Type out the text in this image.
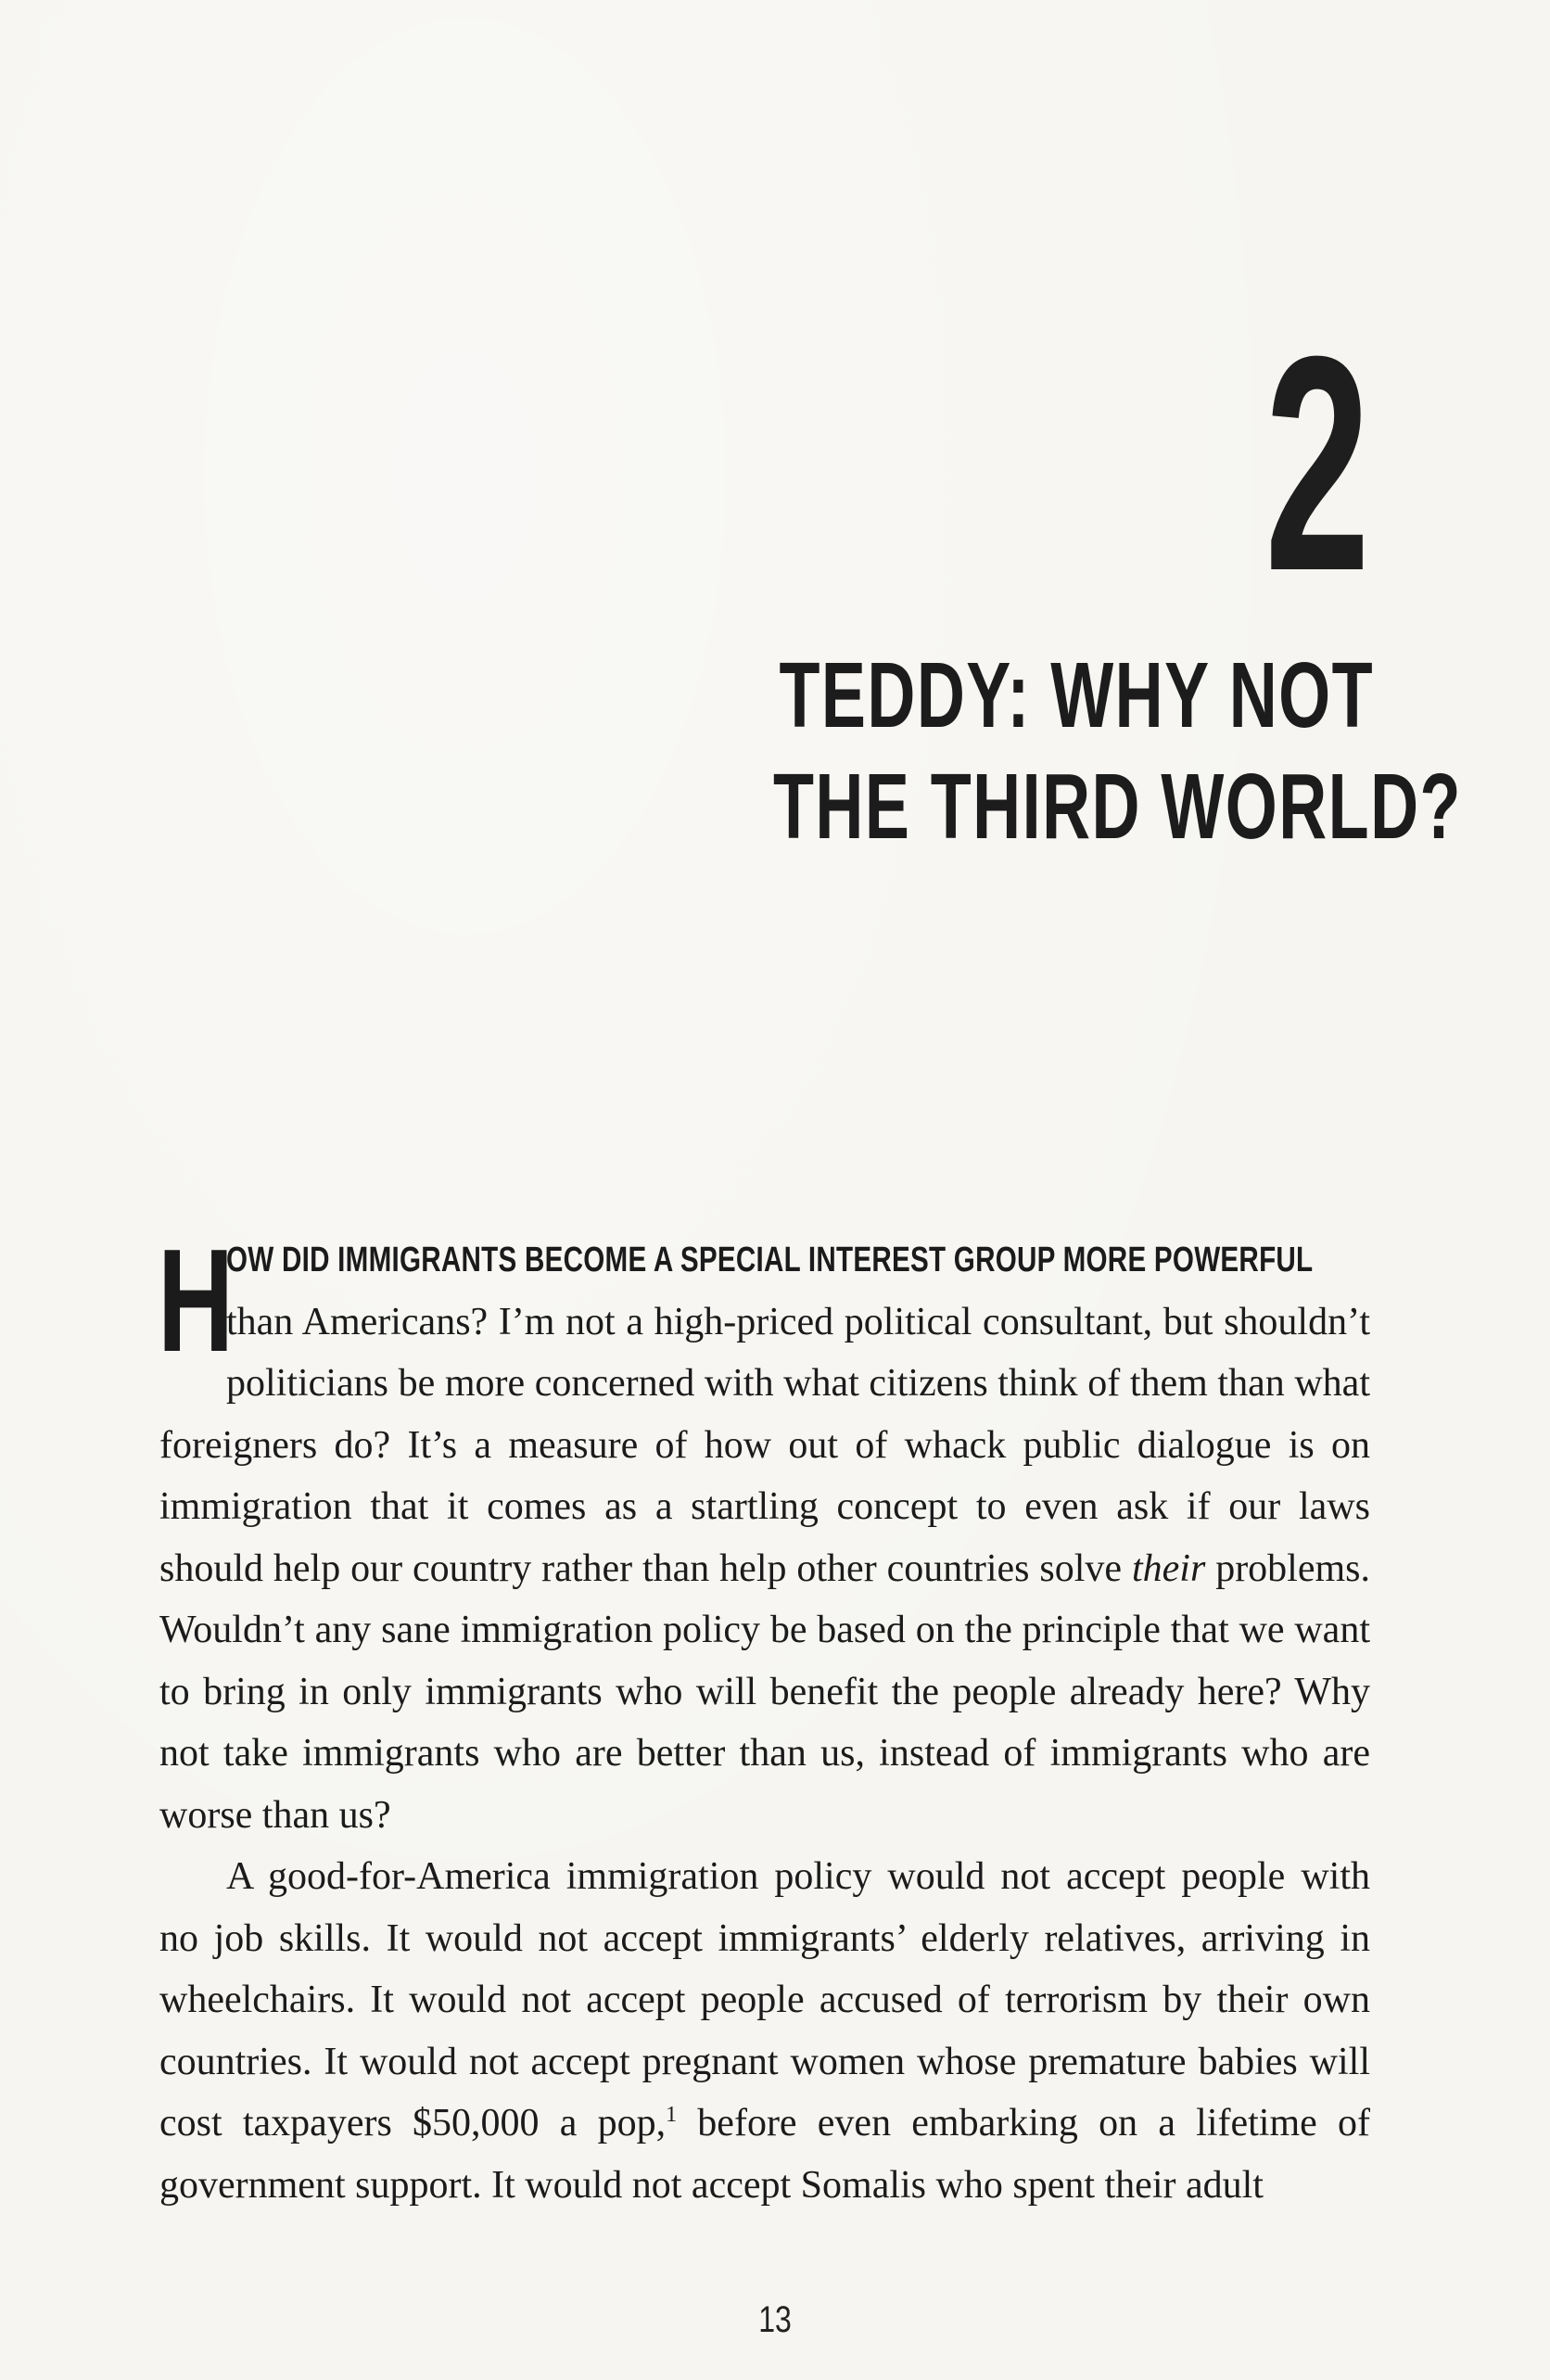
2
TEDDY: WHY NOT
THE THIRD WORLD?
H

OW DID IMMIGRANTS BECOME A SPECIAL INTEREST GROUP MORE POWERFUL
than Americans? I’m not a high-priced political consultant, but shouldn’t politicians be more concerned with what citizens think of them than what foreigners do? It’s a measure of how out of whack public dialogue is on immigration that it comes as a startling concept to even ask if our laws should help our country rather than help other countries solve their problems. Wouldn’t any sane immigration policy be based on the principle that we want to bring in only immigrants who will benefit the people already here? Why not take immigrants who are better than us, instead of immigrants who are worse than us?

A good-for-America immigration policy would not accept people with no job skills. It would not accept immigrants’ elderly relatives, arriving in wheelchairs. It would not accept people accused of terrorism by their own countries. It would not accept pregnant women whose premature babies will cost taxpayers $50,000 a pop,$^1$ before even embarking on a lifetime of government support. It would not accept Somalis who spent their adult

13
